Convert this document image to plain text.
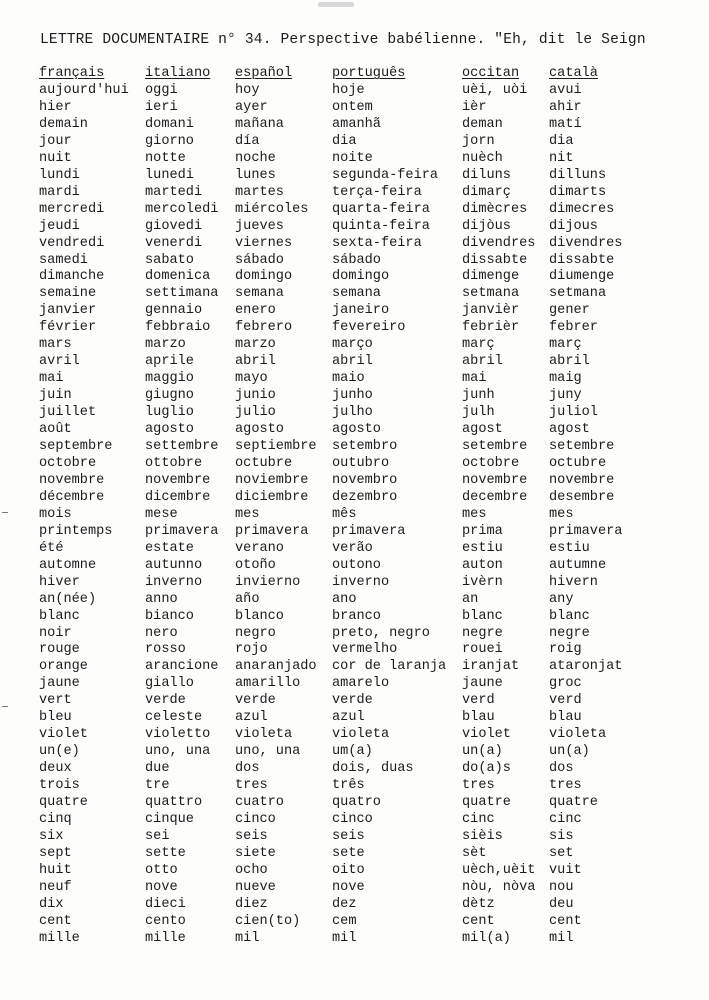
LETTRE DOCUMENTAIRE n° 34. Perspective babélienne. "Eh, dit le Seign
français	italiano	español	português	occitan	català
aujourd'hui	oggi	hoy	hoje	uèi, uòi	avui
hier	ieri	ayer	ontem	ièr	ahir
demain	domani	mañana	amanhã	deman	matí
jour	giorno	día	dia	jorn	dia
nuit	notte	noche	noite	nuèch	nit
lundi	lunedi	lunes	segunda-feira	diluns	dilluns
mardi	martedi	martes	terça-feira	dimarç	dimarts
mercredi	mercoledi	miércoles	quarta-feira	dimècres	dimecres
jeudi	giovedi	jueves	quinta-feira	dijòus	dijous
vendredi	venerdi	viernes	sexta-feira	divendres	divendres
samedi	sabato	sábado	sábado	dissabte	dissabte
dimanche	domenica	domingo	domingo	dimenge	diumenge
semaine	settimana	semana	semana	setmana	setmana
janvier	gennaio	enero	janeiro	janvièr	gener
février	febbraio	febrero	fevereiro	febrièr	febrer
mars	marzo	marzo	março	març	març
avril	aprile	abril	abril	abril	abril
mai	maggio	mayo	maio	mai	maig
juin	giugno	junio	junho	junh	juny
juillet	luglio	julio	julho	julh	juliol
août	agosto	agosto	agosto	agost	agost
septembre	settembre	septiembre	setembro	setembre	setembre
octobre	ottobre	octubre	outubro	octobre	octubre
novembre	novembre	noviembre	novembro	novembre	novembre
décembre	dicembre	diciembre	dezembro	decembre	desembre
mois	mese	mes	mês	mes	mes
printemps	primavera	primavera	primavera	prima	primavera
été	estate	verano	verão	estiu	estiu
automne	autunno	otoño	outono	auton	autumne
hiver	inverno	invierno	inverno	ivèrn	hivern
an(née)	anno	año	ano	an	any
blanc	bianco	blanco	branco	blanc	blanc
noir	nero	negro	preto, negro	negre	negre
rouge	rosso	rojo	vermelho	rouei	roig
orange	arancione	anaranjado	cor de laranja	iranjat	ataronjat
jaune	giallo	amarillo	amarelo	jaune	groc
vert	verde	verde	verde	verd	verd
bleu	celeste	azul	azul	blau	blau
violet	violetto	violeta	violeta	violet	violeta
un(e)	uno, una	uno, una	um(a)	un(a)	un(a)
deux	due	dos	dois, duas	do(a)s	dos
trois	tre	tres	três	tres	tres
quatre	quattro	cuatro	quatro	quatre	quatre
cinq	cinque	cinco	cinco	cinc	cinc
six	sei	seis	seis	sièis	sis
sept	sette	siete	sete	sèt	set
huit	otto	ocho	oito	uèch,uèit	vuit
neuf	nove	nueve	nove	nòu, nòva	nou
dix	dieci	diez	dez	dètz	deu
cent	cento	cien(to)	cem	cent	cent
mille	mille	mil	mil	mil(a)	mil
